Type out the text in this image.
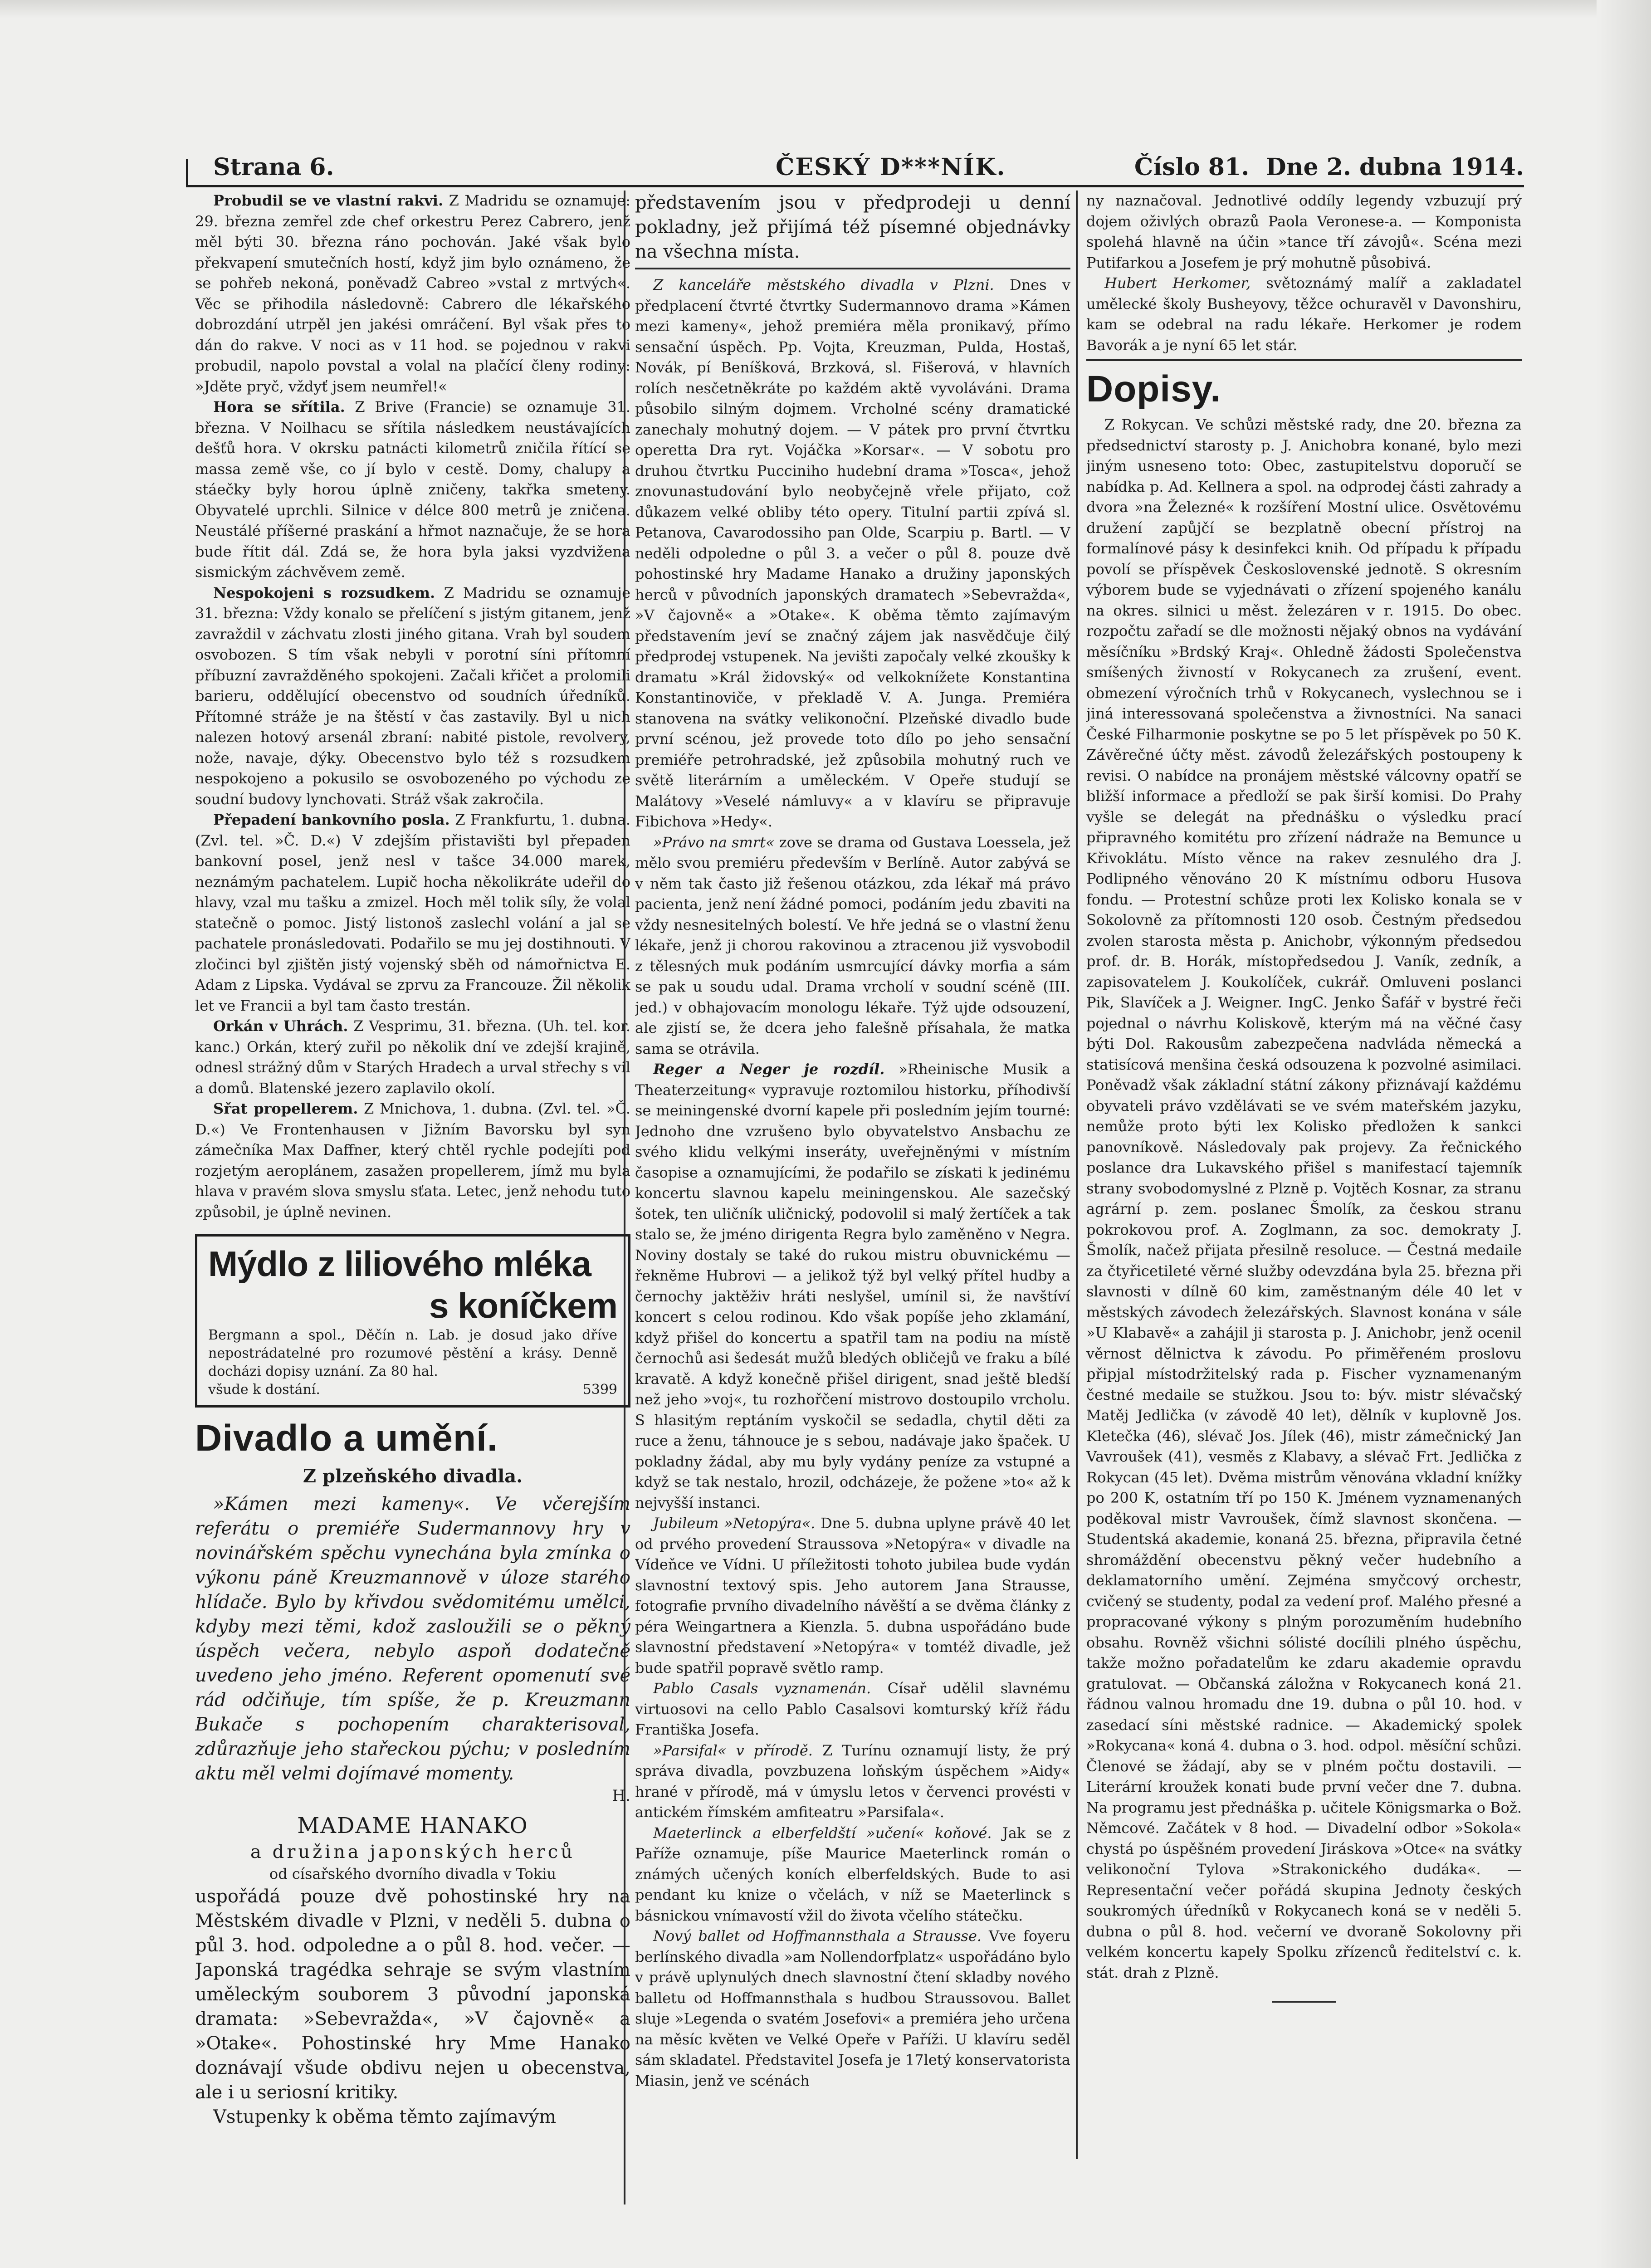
Strana 6.	ČESKÝ D***NÍK.	Číslo 81. Dne 2. dubna 1914.

Probudil se ve vlastní rakvi. Z Madridu se oznamuje: 29. března zemřel zde chef orkestru Perez Cabrero, jenž měl býti 30. března ráno pochován. Jaké však bylo překvapení smutečních hostí, když jim bylo oznámeno, že se pohřeb nekoná, poněvadž Cabreo »vstal z mrtvých«. Věc se přihodila následovně: Cabrero dle lékařského dobrozdání utrpěl jen jakési omráčení. Byl však přes to dán do rakve. V noci as v 11 hod. se pojednou v rakvi probudil, napolo povstal a volal na plačící členy rodiny: »Jděte pryč, vždyť jsem neumřel!«

Hora se sřítila. Z Brive (Francie) se oznamuje 31. března. V Noilhacu se sřítila následkem neustávajících dešťů hora. V okrsku patnácti kilometrů zničila řítící se massa země vše, co jí bylo v cestě. Domy, chalupy a stáečky byly horou úplně zničeny, takřka smeteny. Obyvatelé uprchli. Silnice v délce 800 metrů je zničena. Neustálé příšerné praskání a hřmot naznačuje, že se hora bude řítit dál. Zdá se, že hora byla jaksi vyzdvižena sismickým záchvěvem země.

Nespokojeni s rozsudkem. Z Madridu se oznamuje 31. března: Vždy konalo se přelíčení s jistým gitanem, jenž zavraždil v záchvatu zlosti jiného gitana. Vrah byl soudem osvobozen. S tím však nebyli v porotní síni přítomní příbuzní zavražděného spokojeni. Začali křičet a prolomili barieru, oddělující obecenstvo od soudních úředníků. Přítomné stráže je na štěstí v čas zastavily. Byl u nich nalezen hotový arsenál zbraní: nabité pistole, revolvery, nože, navaje, dýky. Obecenstvo bylo též s rozsudkem nespokojeno a pokusilo se osvobozeného po východu ze soudní budovy lynchovati. Stráž však zakročila.

Přepadení bankovního posla. Z Frankfurtu, 1. dubna. (Zvl. tel. »Č. D.«) V zdejším přistavišti byl přepaden bankovní posel, jenž nesl v tašce 34.000 marek, neznámým pachatelem. Lupič hocha několikráte udeřil do hlavy, vzal mu tašku a zmizel. Hoch měl tolik síly, že volal statečně o pomoc. Jistý listonoš zaslechl volání a jal se pachatele pronásledovati. Podařilo se mu jej dostihnouti. V zločinci byl zjištěn jistý vojenský sběh od námořnictva E. Adam z Lipska. Vydával se zprvu za Francouze. Žil několik let ve Francii a byl tam často trestán.

Orkán v Uhrách. Z Vesprimu, 31. března. (Uh. tel. kor. kanc.) Orkán, který zuřil po několik dní ve zdejší krajině, odnesl strážný dům v Starých Hradech a urval střechy s vil a domů. Blatenské jezero zaplavilo okolí.

Sřat propellerem. Z Mnichova, 1. dubna. (Zvl. tel. »Č. D.«) Ve Frontenhausen v Jižním Bavorsku byl syn zámečníka Max Daffner, který chtěl rychle podejíti pod rozjetým aeroplánem, zasažen propellerem, jímž mu byla hlava v pravém slova smyslu sťata. Letec, jenž nehodu tuto způsobil, je úplně nevinen.

Mýdlo z liliového mléka
s koníčkem
Bergmann a spol., Děčín n. Lab. je dosud jako dříve nepostrádatelné pro rozumové pěstění a krásy. Denně docházi dopisy uznání. Za 80 hal.
všude k dostání.	5399
Divadlo a umění.
Z plzeňského divadla.

»Kámen mezi kameny«. Ve včerejším referátu o premiéře Sudermannovy hry v novinářském spěchu vynechána byla zmínka o výkonu páně Kreuzmannově v úloze starého hlídače. Bylo by křivdou svědomitému umělci, kdyby mezi těmi, kdož zasloužili se o pěkný úspěch večera, nebylo aspoň dodatečně uvedeno jeho jméno. Referent opomenutí své rád odčiňuje, tím spíše, že p. Kreuzmann Bukače s pochopením charakterisoval, zdůrazňuje jeho stařeckou pýchu; v posledním aktu měl velmi dojímavé momenty.

H.
MADAME HANAKO
a družina japonských herců
od císařského dvorního divadla v Tokiu

uspořádá pouze dvě pohostinské hry na Městském divadle v Plzni, v neděli 5. dubna o půl 3. hod. odpoledne a o půl 8. hod. večer. — Japonská tragédka sehraje se svým vlastním uměleckým souborem 3 původní japonská dramata: »Sebevražda«, »V čajovně« a »Otake«. Pohostinské hry Mme Hanako doznávají všude obdivu nejen u obecenstva, ale i u seriosní kritiky.

Vstupenky k oběma těmto zajímavým

představením jsou v předprodeji u denní pokladny, jež přijímá též písemné objednávky na všechna místa.

Z kanceláře městského divadla v Plzni. Dnes v předplacení čtvrté čtvrtky Sudermannovo drama »Kámen mezi kameny«, jehož premiéra měla pronikavý, přímo sensační úspěch. Pp. Vojta, Kreuzman, Pulda, Hostaš, Novák, pí Beníšková, Brzková, sl. Fišerová, v hlavních rolích nesčetněkráte po každém aktě vyvoláváni. Drama působilo silným dojmem. Vrcholné scény dramatické zanechaly mohutný dojem. — V pátek pro první čtvrtku operetta Dra ryt. Vojáčka »Korsar«. — V sobotu pro druhou čtvrtku Pucciniho hudební drama »Tosca«, jehož znovunastudování bylo neobyčejně vřele přijato, což důkazem velké obliby této opery. Titulní partii zpívá sl. Petanova, Cavarodossiho pan Olde, Scarpiu p. Bartl. — V neděli odpoledne o půl 3. a večer o půl 8. pouze dvě pohostinské hry Madame Hanako a družiny japonských herců v původních japonských dramatech »Sebevražda«, »V čajovně« a »Otake«. K oběma těmto zajímavým představením jeví se značný zájem jak nasvědčuje čilý předprodej vstupenek. Na jevišti započaly velké zkoušky k dramatu »Král židovský« od velkoknížete Konstantina Konstantinoviče, v překladě V. A. Junga. Premiéra stanovena na svátky velikonoční. Plzeňské divadlo bude první scénou, jež provede toto dílo po jeho sensační premiéře petrohradské, jež způsobila mohutný ruch ve světě literárním a uměleckém. V Opeře studují se Malátovy »Veselé námluvy« a v klavíru se připravuje Fibichova »Hedy«.

»Právo na smrt« zove se drama od Gustava Loessela, jež mělo svou premiéru především v Berlíně. Autor zabývá se v něm tak často již řešenou otázkou, zda lékař má právo pacienta, jenž není žádné pomoci, podáním jedu zbaviti na vždy nesnesitelných bolestí. Ve hře jedná se o vlastní ženu lékaře, jenž ji chorou rakovinou a ztracenou již vysvobodil z tělesných muk podáním usmrcující dávky morfia a sám se pak u soudu udal. Drama vrcholí v soudní scéně (III. jed.) v obhajovacím monologu lékaře. Týž ujde odsouzení, ale zjistí se, že dcera jeho falešně přísahala, že matka sama se otrávila.

Reger a Neger je rozdíl. »Rheinische Musik a Theaterzeitung« vypravuje roztomilou historku, příhodivší se meiningenské dvorní kapele při posledním jejím tourné: Jednoho dne vzrušeno bylo obyvatelstvo Ansbachu ze svého klidu velkými inseráty, uveřejněnými v místním časopise a oznamujícími, že podařilo se získati k jedinému koncertu slavnou kapelu meiningenskou. Ale sazečský šotek, ten uličník uličnický, podovolil si malý žertíček a tak stalo se, že jméno dirigenta Regra bylo zaměněno v Negra. Noviny dostaly se také do rukou mistru obuvnickému — řekněme Hubrovi — a jelikož týž byl velký přítel hudby a černochy jaktěživ hráti neslyšel, umínil si, že navštíví koncert s celou rodinou. Kdo však popíše jeho zklamání, když přišel do koncertu a spatřil tam na podiu na místě černochů asi šedesát mužů bledých obličejů ve fraku a bílé kravatě. A když konečně přišel dirigent, snad ještě bledší než jeho »voj«, tu rozhořčení mistrovo dostoupilo vrcholu. S hlasitým reptáním vyskočil se sedadla, chytil děti za ruce a ženu, táhnouce je s sebou, nadávaje jako špaček. U pokladny žádal, aby mu byly vydány peníze za vstupné a když se tak nestalo, hrozil, odcházeje, že požene »to« až k nejvyšší instanci.

Jubileum »Netopýra«. Dne 5. dubna uplyne právě 40 let od prvého provedení Straussova »Netopýra« v divadle na Vídeňce ve Vídni. U příležitosti tohoto jubilea bude vydán slavnostní textový spis. Jeho autorem Jana Strausse, fotografie prvního divadelního návěští a se dvěma články z péra Weingartnera a Kienzla. 5. dubna uspořádáno bude slavnostní představení »Netopýra« v tomtéž divadle, jež bude spatřil popravě světlo ramp.

Pablo Casals vyznamenán. Císař udělil slavnému virtuosovi na cello Pablo Casalsovi komturský kříž řádu Františka Josefa.

»Parsifal« v přírodě. Z Turínu oznamují listy, že prý správa divadla, povzbuzena loňským úspěchem »Aidy« hrané v přírodě, má v úmyslu letos v červenci provésti v antickém římském amfiteatru »Parsifala«.

Maeterlinck a elberfeldští »učení« koňové. Jak se z Paříže oznamuje, píše Maurice Maeterlinck román o známých učených koních elberfeldských. Bude to asi pendant ku knize o včelách, v níž se Maeterlinck s básnickou vnímavostí vžil do života včelího státečku.

Nový ballet od Hoffmannsthala a Strausse. Vve foyeru berlínského divadla »am Nollendorfplatz« uspořádáno bylo v právě uplynulých dnech slavnostní čtení skladby nového balletu od Hoffmannsthala s hudbou Straussovou. Ballet sluje »Legenda o svatém Josefovi« a premiéra jeho určena na měsíc květen ve Velké Opeře v Paříži. U klavíru seděl sám skladatel. Představitel Josefa je 17letý konservatorista Miasin, jenž ve scénách

ny naznačoval. Jednotlivé oddíly legendy vzbuzují prý dojem oživlých obrazů Paola Veronese-a. — Komponista spolehá hlavně na účin »tance tří závojů«. Scéna mezi Putifarkou a Josefem je prý mohutně působivá.

Hubert Herkomer, světoznámý malíř a zakladatel umělecké školy Busheyovy, těžce ochuravěl v Davonshiru, kam se odebral na radu lékaře. Herkomer je rodem Bavorák a je nyní 65 let stár.

Dopisy.

Z Rokycan. Ve schůzi městské rady, dne 20. března za předsednictví starosty p. J. Anichobra konané, bylo mezi jiným usneseno toto: Obec, zastupitelstvu doporučí se nabídka p. Ad. Kellnera a spol. na odprodej části zahrady a dvora »na Železné« k rozšíření Mostní ulice. Osvětovému družení zapůjčí se bezplatně obecní přístroj na formalínové pásy k desinfekci knih. Od případu k případu povolí se příspěvek Československé jednotě. S okresním výborem bude se vyjednávati o zřízení spojeného kanálu na okres. silnici u měst. železáren v r. 1915. Do obec. rozpočtu zařadí se dle možnosti nějaký obnos na vydávání měsíčníku »Brdský Kraj«. Ohledně žádosti Společenstva smíšených živností v Rokycanech za zrušení, event. obmezení výročních trhů v Rokycanech, vyslechnou se i jiná interessovaná společenstva a živnostníci. Na sanaci České Filharmonie poskytne se po 5 let příspěvek po 50 K. Závěrečné účty měst. závodů železářských postoupeny k revisi. O nabídce na pronájem městské válcovny opatří se bližší informace a předloží se pak širší komisi. Do Prahy vyšle se delegát na přednášku o výsledku prací připravného komitétu pro zřízení nádraže na Bemunce u Křivoklátu. Místo věnce na rakev zesnulého dra J. Podlipného věnováno 20 K místnímu odboru Husova fondu. — Protestní schůze proti lex Kolisko konala se v Sokolovně za přítomnosti 120 osob. Čestným předsedou zvolen starosta města p. Anichobr, výkonným předsedou prof. dr. B. Horák, místopředsedou J. Vaník, zedník, a zapisovatelem J. Koukolíček, cukrář. Omluveni poslanci Pik, Slavíček a J. Weigner. IngC. Jenko Šafář v bystré řeči pojednal o návrhu Koliskově, kterým má na věčné časy býti Dol. Rakousům zabezpečena nadvláda německá a statisícová menšina česká odsouzena k pozvolné asimilaci. Poněvadž však základní státní zákony přiznávají každému obyvateli právo vzdělávati se ve svém mateřském jazyku, nemůže proto býti lex Kolisko předložen k sankci panovníkově. Následovaly pak projevy. Za řečnického poslance dra Lukavského přišel s manifestací tajemník strany svobodomyslné z Plzně p. Vojtěch Kosnar, za stranu agrární p. zem. poslanec Šmolík, za českou stranu pokrokovou prof. A. Zoglmann, za soc. demokraty J. Šmolík, načež přijata přesilně resoluce. — Čestná medaile za čtyřicetileté věrné služby odevzdána byla 25. března při slavnosti v dílně 60 kim, zaměstnaným déle 40 let v městských závodech železářských. Slavnost konána v sále »U Klabavě« a zahájil ji starosta p. J. Anichobr, jenž ocenil věrnost dělnictva k závodu. Po přiměřeném proslovu připjal místodržitelský rada p. Fischer vyznamenaným čestné medaile se stužkou. Jsou to: býv. mistr slévačský Matěj Jedlička (v závodě 40 let), dělník v kuplovně Jos. Kletečka (46), slévač Jos. Jílek (46), mistr zámečnický Jan Vavroušek (41), vesměs z Klabavy, a slévač Frt. Jedlička z Rokycan (45 let). Dvěma mistrům věnována vkladní knížky po 200 K, ostatním tří po 150 K. Jménem vyznamenaných poděkoval mistr Vavroušek, čímž slavnost skončena. — Studentská akademie, konaná 25. března, připravila četné shromáždění obecenstvu pěkný večer hudebního a deklamatorního umění. Zejména smyčcový orchestr, cvičený se studenty, podal za vedení prof. Malého přesné a propracované výkony s plným porozuměním hudebního obsahu. Rovněž všichni sólisté docílili plného úspěchu, takže možno pořadatelům ke zdaru akademie opravdu gratulovat. — Občanská záložna v Rokycanech koná 21. řádnou valnou hromadu dne 19. dubna o půl 10. hod. v zasedací síni městské radnice. — Akademický spolek »Rokycana« koná 4. dubna o 3. hod. odpol. měsíční schůzi. Členové se žádají, aby se v plném počtu dostavili. — Literární kroužek konati bude první večer dne 7. dubna. Na programu jest přednáška p. učitele Königsmarka o Bož. Němcové. Začátek v 8 hod. — Divadelní odbor »Sokola« chystá po úspěšném provedení Jiráskova »Otce« na svátky velikonoční Tylova »Strakonického dudáka«. — Representační večer pořádá skupina Jednoty českých soukromých úředníků v Rokycanech koná se v neděli 5. dubna o půl 8. hod. večerní ve dvoraně Sokolovny při velkém koncertu kapely Spolku zřízenců ředitelství c. k. stát. drah z Plzně.
